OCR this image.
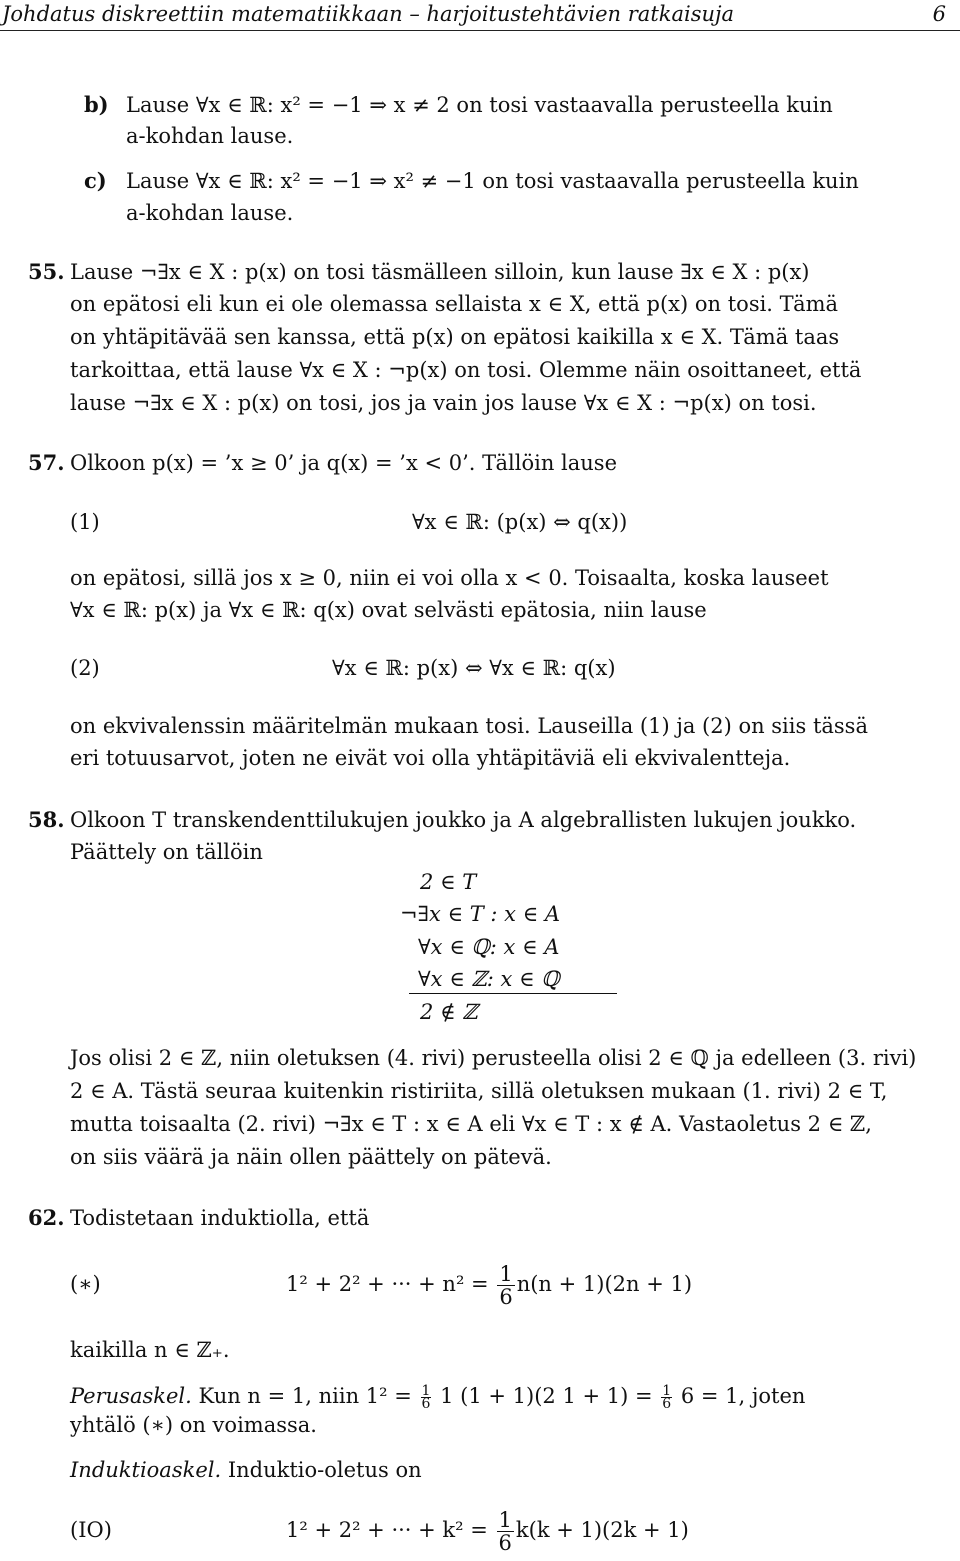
Johdatus diskreettiin matematiikkaan – harjoitustehtävien ratkaisuja	6
b) Lause ∀x ∈ ℝ: x² = −1 ⇒ x ≠ 2 on tosi vastaavalla perusteella kuin
a-kohdan lause.
c) Lause ∀x ∈ ℝ: x² = −1 ⇒ x² ≠ −1 on tosi vastaavalla perusteella kuin
a-kohdan lause.
55. Lause ¬∃x ∈ X : p(x) on tosi täsmälleen silloin, kun lause ∃x ∈ X : p(x)
on epätosi eli kun ei ole olemassa sellaista x ∈ X, että p(x) on tosi. Tämä
on yhtäpitävää sen kanssa, että p(x) on epätosi kaikilla x ∈ X. Tämä taas
tarkoittaa, että lause ∀x ∈ X : ¬p(x) on tosi. Olemme näin osoittaneet, että
lause ¬∃x ∈ X : p(x) on tosi, jos ja vain jos lause ∀x ∈ X : ¬p(x) on tosi.
57. Olkoon p(x) = ’x ≥ 0’ ja q(x) = ’x < 0’. Tällöin lause
(1)	∀x ∈ ℝ: (p(x) ⇔ q(x))
on epätosi, sillä jos x ≥ 0, niin ei voi olla x < 0. Toisaalta, koska lauseet
∀x ∈ ℝ: p(x) ja ∀x ∈ ℝ: q(x) ovat selvästi epätosia, niin lause
(2)	∀x ∈ ℝ: p(x) ⇔ ∀x ∈ ℝ: q(x)
on ekvivalenssin määritelmän mukaan tosi. Lauseilla (1) ja (2) on siis tässä
eri totuusarvot, joten ne eivät voi olla yhtäpitäviä eli ekvivalentteja.
58. Olkoon T transkendenttilukujen joukko ja A algebrallisten lukujen joukko.
Päättely on tällöin
2 ∈ T
¬∃x ∈ T : x ∈ A
∀x ∈ ℚ: x ∈ A
∀x ∈ ℤ: x ∈ ℚ
2 ∉ ℤ
Jos olisi 2 ∈ ℤ, niin oletuksen (4. rivi) perusteella olisi 2 ∈ ℚ ja edelleen (3. rivi)
2 ∈ A. Tästä seuraa kuitenkin ristiriita, sillä oletuksen mukaan (1. rivi) 2 ∈ T,
mutta toisaalta (2. rivi) ¬∃x ∈ T : x ∈ A eli ∀x ∈ T : x ∉ A. Vastaoletus 2 ∈ ℤ,
on siis väärä ja näin ollen päättely on pätevä.
62. Todistetaan induktiolla, että
(∗)	1² + 2² + ··· + $n^2 = \frac{1}{6} n(n + 1)(2n + 1)$
kaikilla n ∈ ℤ₊.
Perusaskel. Kun n = 1, niin $1^2 = \frac{1}{6} 1$ (1 + 1)(2 $1 + 1) = \frac{1}{6} 6 = 1$, joten
yhtälö (∗) on voimassa.
Induktioaskel. Induktio-oletus on
(IO)	1² + 2² + ··· + $k^2 = \frac{1}{6} k(k + 1)(2k + 1)$
